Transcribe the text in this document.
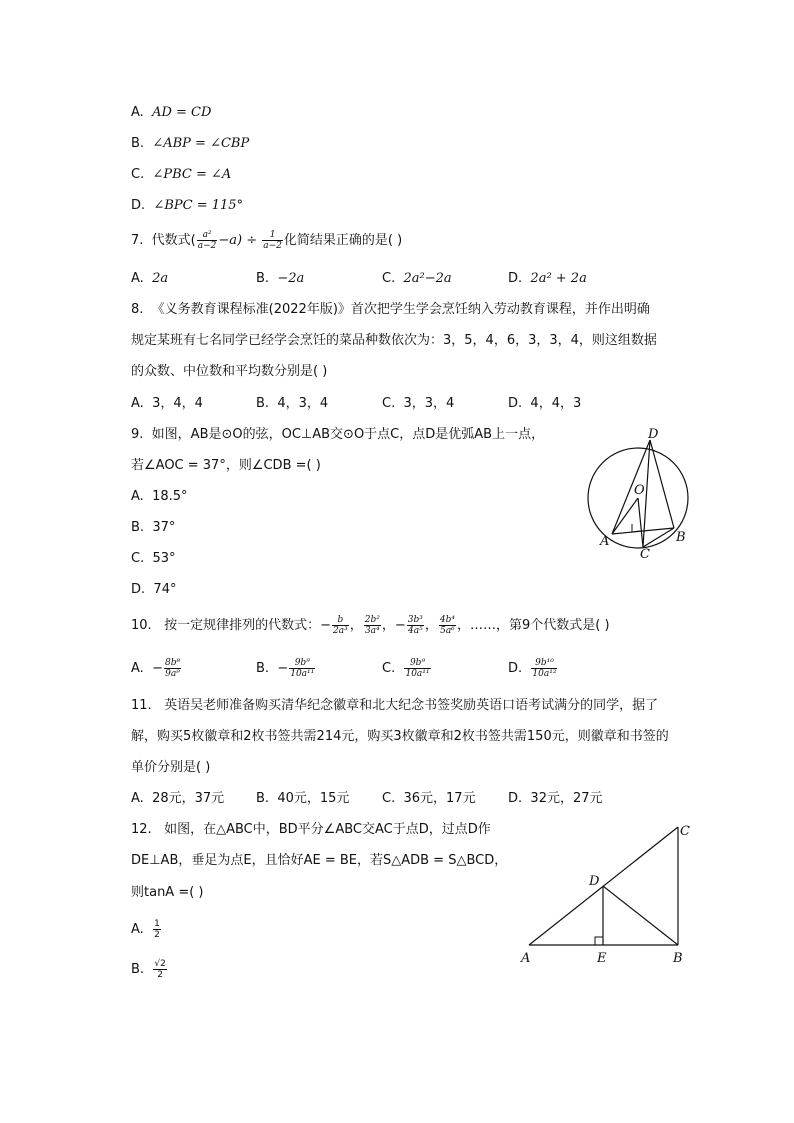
A. AD = CD
B. ∠ABP = ∠CBP
C. ∠PBC = ∠A
D. ∠BPC = 115°
7. 代数式( $\frac{\text{a²}}{a-2} -a) \div \frac{1}{a-2}$ 化简结果正确的是( )
A. 2a	B. −2a	C. 2a²−2a	D. 2a² + 2a
8. 《义务教育课程标准(2022年版)》首次把学生学会烹饪纳入劳动教育课程，并作出明确
规定某班有七名同学已经学会烹饪的菜品种数依次为：3，5，4，6，3，3，4，则这组数据
的众数、中位数和平均数分别是( )
A. 3，4，4	B. 4，3，4	C. 3，3，4	D. 4，4，3
9. 如图，AB是⊙O的弦，OC⊥AB交⊙O于点C，点D是优弧AB上一点，
若∠AOC = 37°，则∠CDB =( )
A. 18.5°
B. 37°
C. 53°
D. 74°
D
O
A	B
C
10. 按一定规律排列的代数式：− $\frac{b}{\text{2a³}}$ ， $\frac{\text{2b²}}{\text{3a⁴}}$ ，− $\frac{\text{3b³}}{\text{4a⁵}}$ ， $\frac{\text{4b⁴}}{\text{5a⁶}}$ ，……，第9个代数式是( )
A. − $\frac{\text{8b⁸}}{\text{9a⁹}}$	B. − $\frac{\text{9b⁹}}{\text{10a¹¹}}$	C. $\frac{\text{9b⁹}}{\text{10a¹¹}}$	D. $\frac{\text{9b¹⁰}}{\text{10a¹²}}$
11. 英语吴老师准备购买清华纪念徽章和北大纪念书签奖励英语口语考试满分的同学，据了
解，购买5枚徽章和2枚书签共需214元，购买3枚徽章和2枚书签共需150元，则徽章和书签的
单价分别是( )
A. 28元，37元 B. 40元，15元	C. 36元，17元 D. 32元，27元
12. 如图，在△ABC中，BD平分∠ABC交AC于点D，过点D作
DE⊥AB，垂足为点E，且恰好AE = BE，若S△ADB = S△BCD，
则tanA =( )
A. $\frac{1}{2}$
B. $\frac{√2}{2}$
C
D
A	E	B
